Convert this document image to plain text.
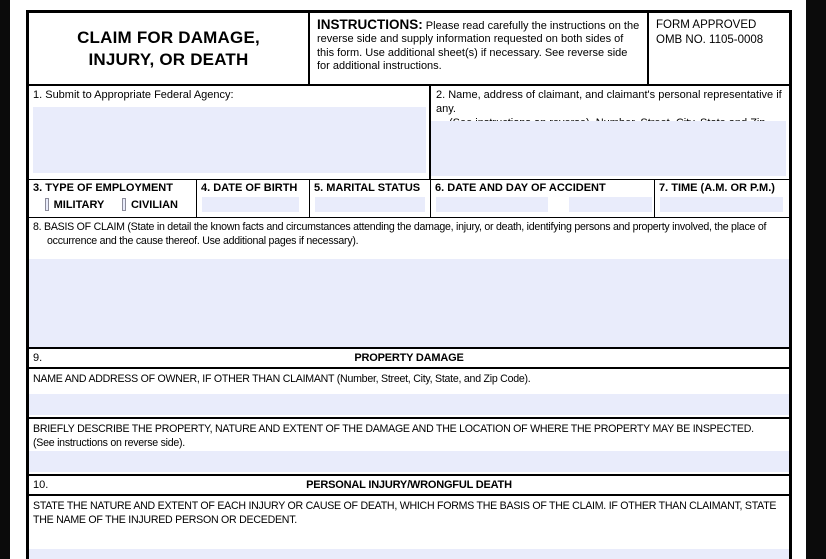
CLAIM FOR DAMAGE, INJURY, OR DEATH
INSTRUCTIONS: Please read carefully the instructions on the reverse side and supply information requested on both sides of this form. Use additional sheet(s) if necessary. See reverse side for additional instructions.
FORM APPROVED
OMB NO. 1105-0008
1. Submit to Appropriate Federal Agency:	2. Name, address of claimant, and claimant's personal representative if any.
3. TYPE OF EMPLOYMENT
MILITARY CIVILIAN
4. DATE OF BIRTH	5. MARITAL STATUS	6. DATE AND DAY OF ACCIDENT	7. TIME (A.M. OR P.M.)
8. BASIS OF CLAIM (State in detail the known facts and circumstances attending the damage, injury, or death, identifying persons and property involved, the place of occurrence and the cause thereof. Use additional pages if necessary).
9.	PROPERTY DAMAGE
NAME AND ADDRESS OF OWNER, IF OTHER THAN CLAIMANT (Number, Street, City, State, and Zip Code).
BRIEFLY DESCRIBE THE PROPERTY, NATURE AND EXTENT OF THE DAMAGE AND THE LOCATION OF WHERE THE PROPERTY MAY BE INSPECTED.
(See instructions on reverse side).
10.	PERSONAL INJURY/WRONGFUL DEATH
STATE THE NATURE AND EXTENT OF EACH INJURY OR CAUSE OF DEATH, WHICH FORMS THE BASIS OF THE CLAIM. IF OTHER THAN CLAIMANT, STATE THE NAME OF THE INJURED PERSON OR DECEDENT.
